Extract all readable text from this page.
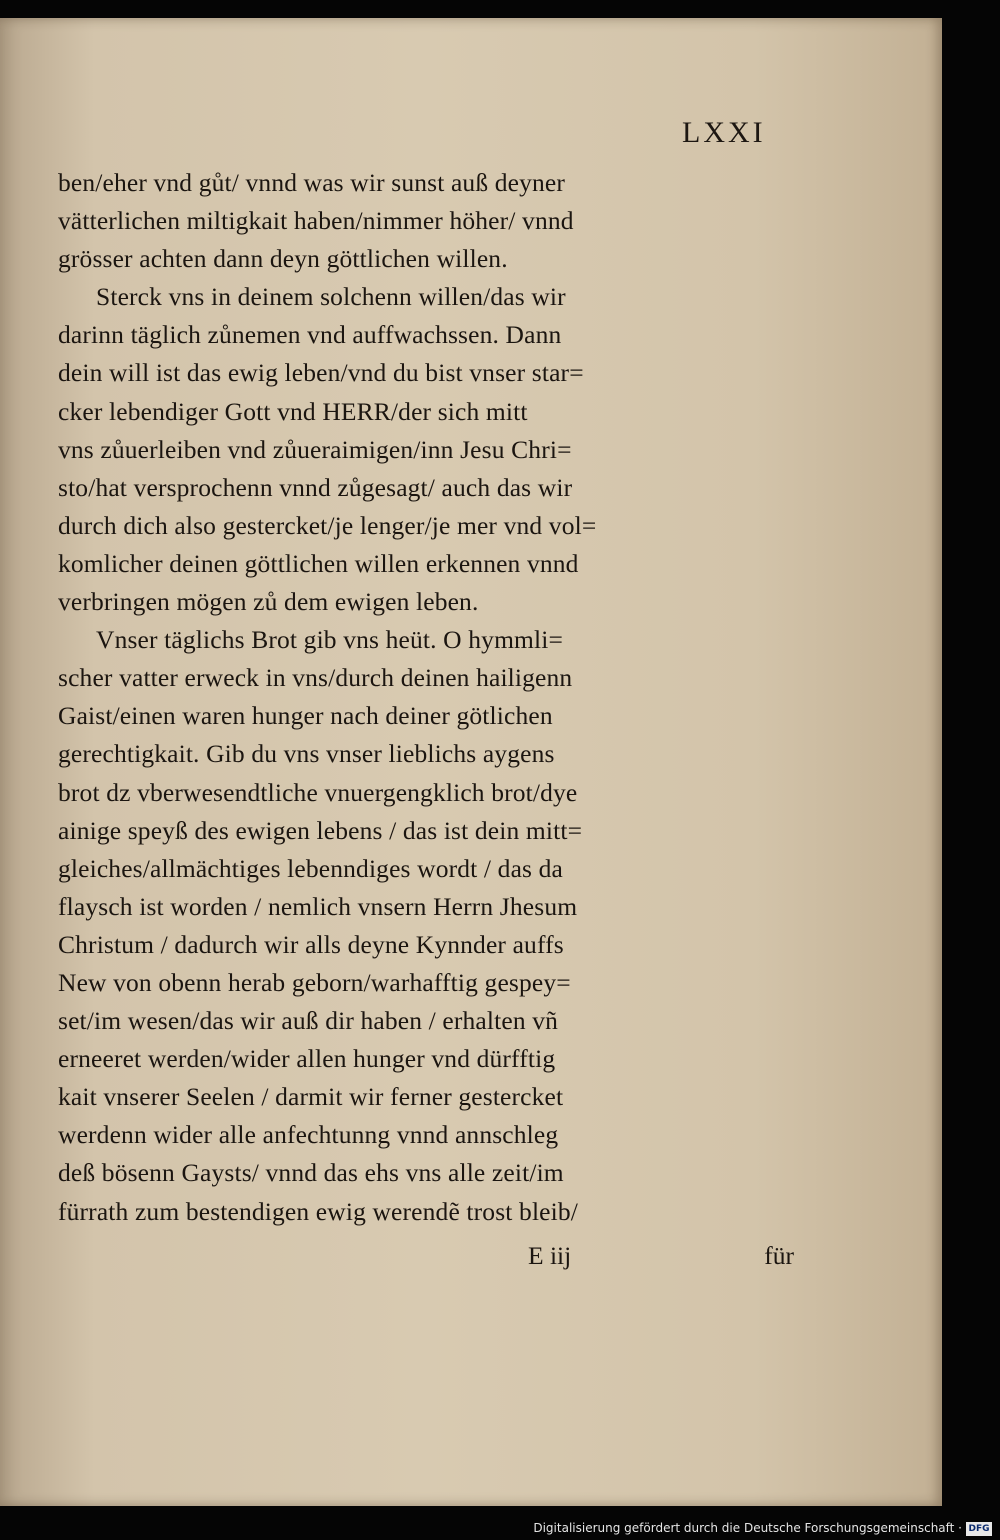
LXXI
ben/eher vnd gůt/ vnnd was wir sunst auß deyner
vätterlichen miltigkait haben/nimmer höher/ vnnd
grösser achten dann deyn göttlichen willen.
Sterck vns in deinem solchenn willen/das wir
darinn täglich zůnemen vnd auffwachssen. Dann
dein will ist das ewig leben/vnd du bist vnser star=
cker lebendiger Gott vnd HERR/der sich mitt
vns zůuerleiben vnd zůueraimigen/inn Jesu Chri=
sto/hat versprochenn vnnd zůgesagt/ auch das wir
durch dich also gestercket/je lenger/je mer vnd vol=
komlicher deinen göttlichen willen erkennen vnnd
verbringen mögen zů dem ewigen leben.
Vnser täglichs Brot gib vns heüt. O hymmli=
scher vatter erweck in vns/durch deinen hailigenn
Gaist/einen waren hunger nach deiner götlichen
gerechtigkait. Gib du vns vnser lieblichs aygens
brot dz vberwesendtliche vnuergengklich brot/dye
ainige speyß des ewigen lebens / das ist dein mitt=
gleiches/allmächtiges lebenndiges wordt / das da
flaysch ist worden / nemlich vnsern Herrn Jhesum
Christum / dadurch wir alls deyne Kynnder auffs
New von obenn herab geborn/warhafftig gespey=
set/im wesen/das wir auß dir haben / erhalten vñ
erneeret werden/wider allen hunger vnd dürfftig
kait vnserer Seelen / darmit wir ferner gestercket
werdenn wider alle anfechtunng vnnd annschleg
deß bösenn Gaysts/ vnnd das ehs vns alle zeit/im
fürrath zum bestendigen ewig werendẽ trost bleib/
E iij	für
Digitalisierung gefördert durch die Deutsche Forschungsgemeinschaft · DFG
